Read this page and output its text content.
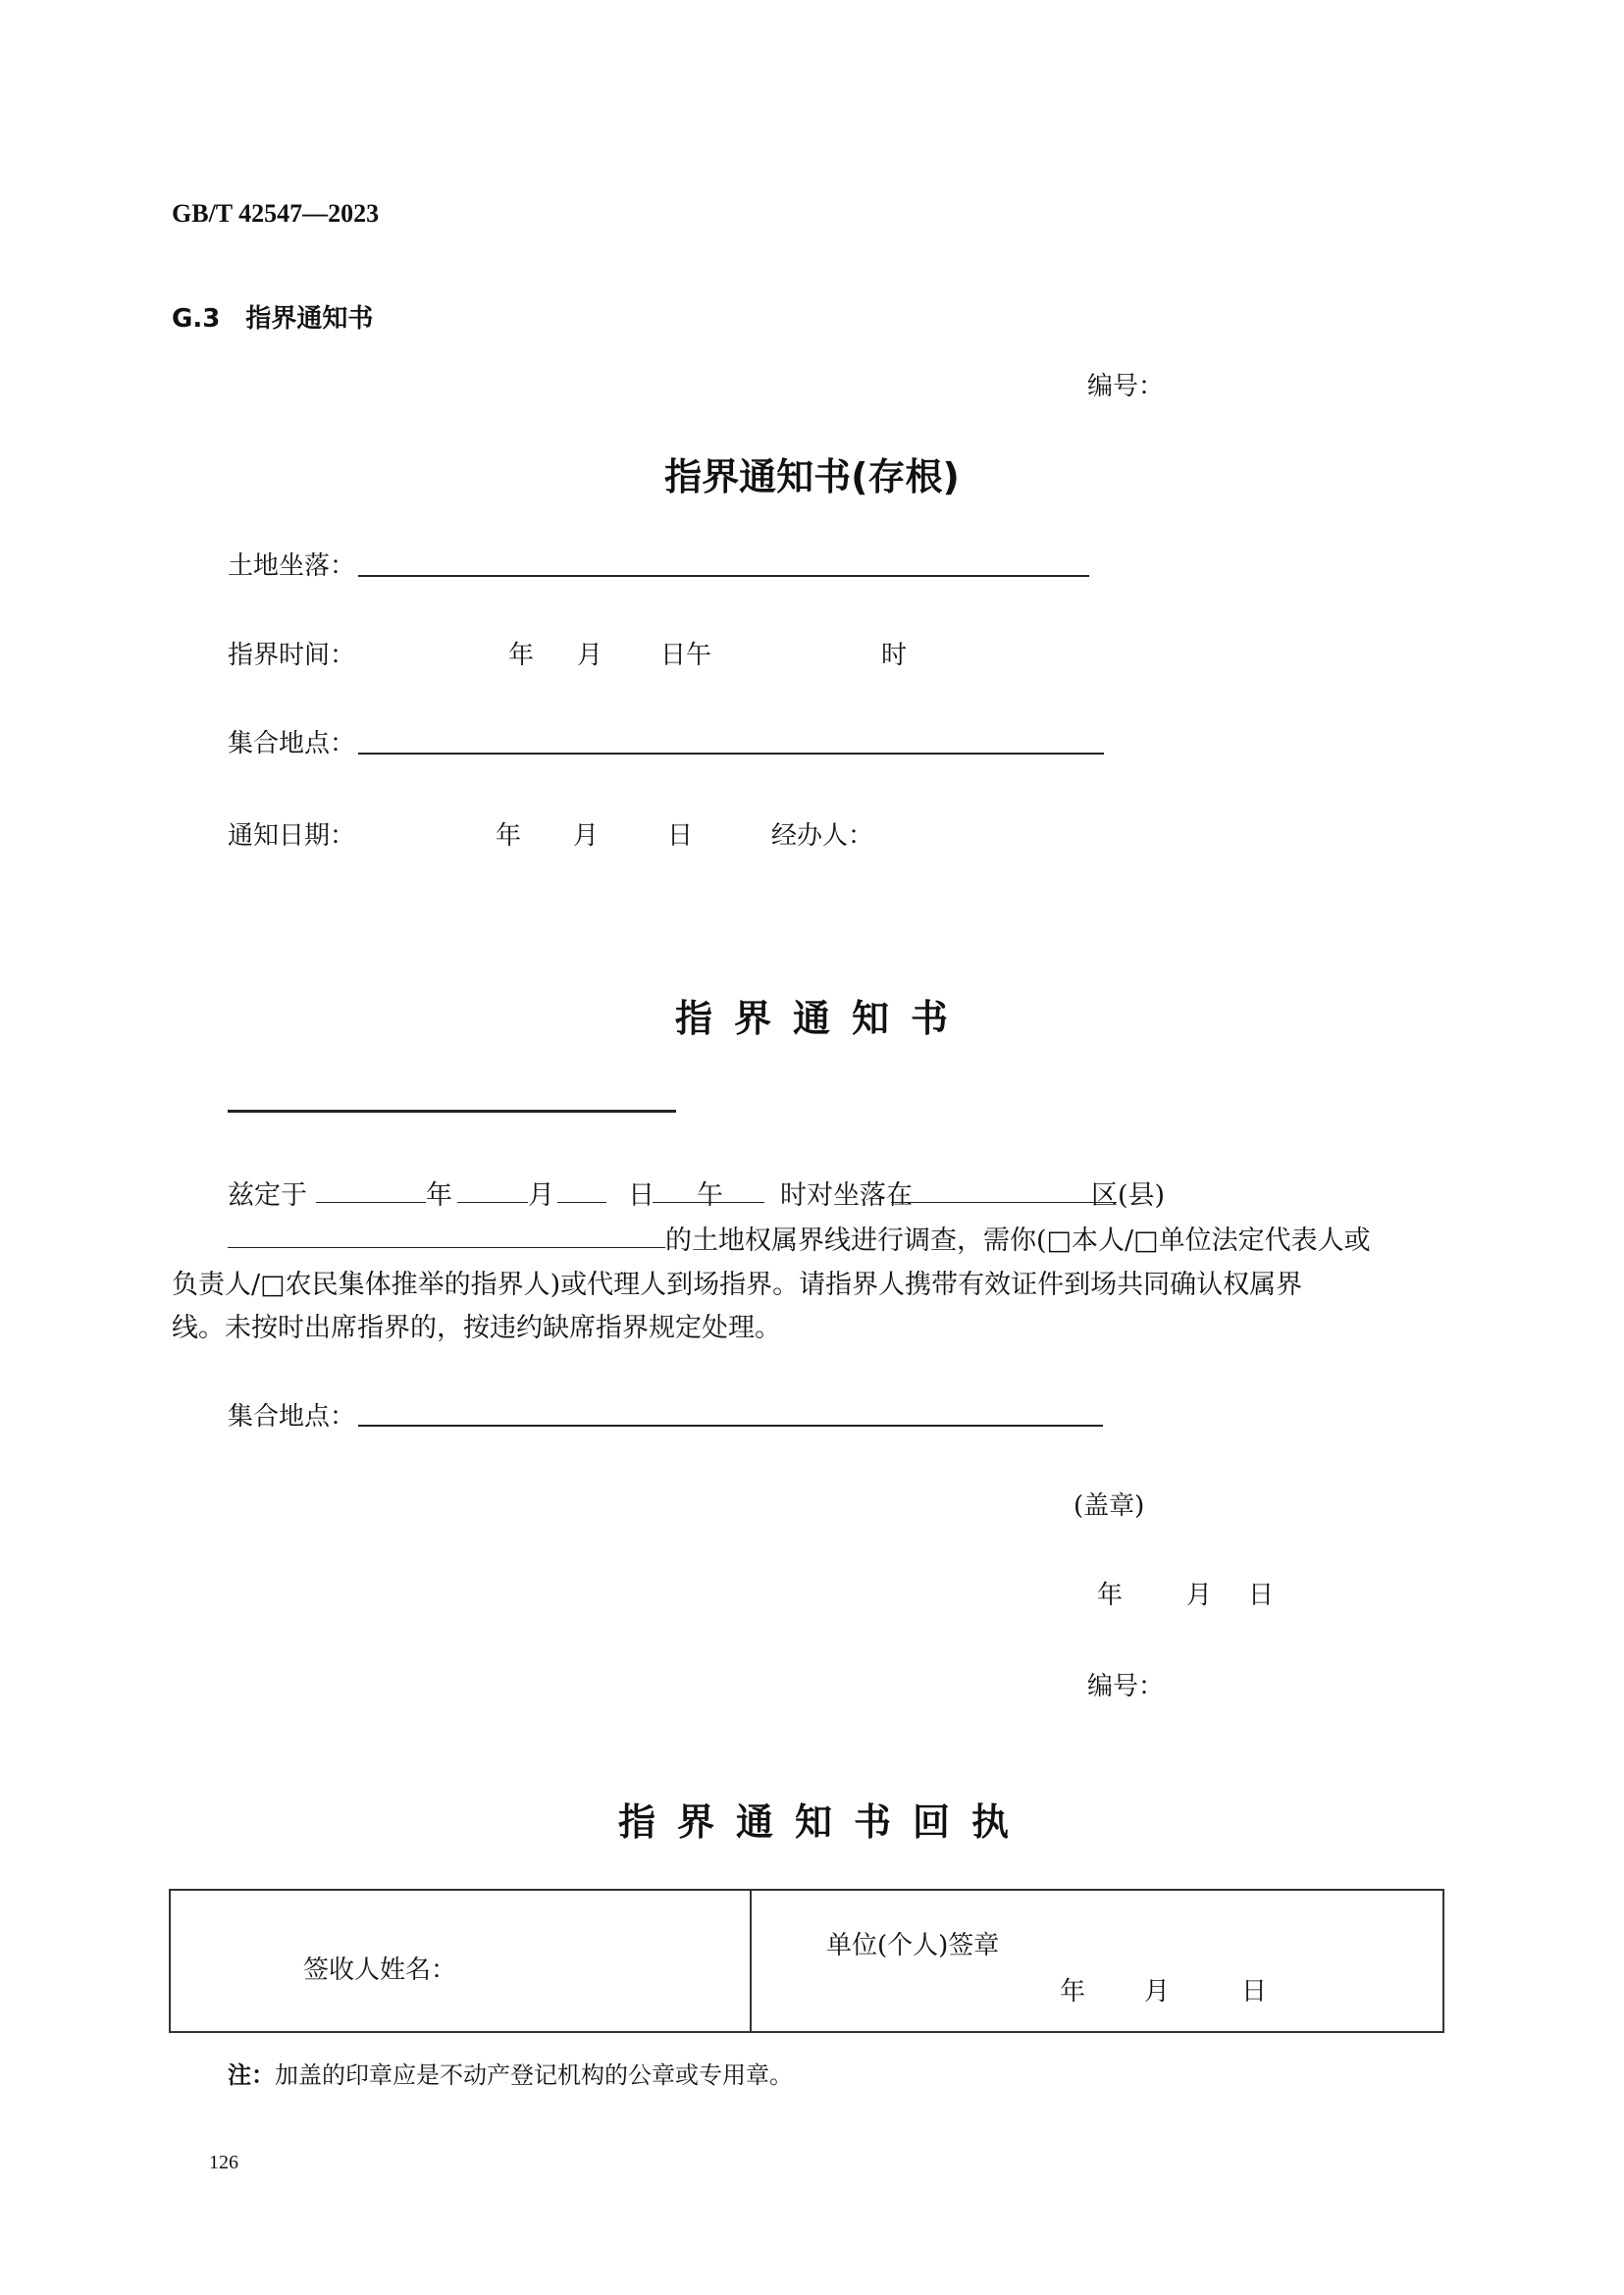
GB/T 42547—2023
G.3 指界通知书
编号：
指界通知书(存根)
土地坐落：
指界时间：	年 月 日午	时
集合地点：
通知日期：	年 月	日	经办人：
指界通知书
兹定于	年	月	日 午 时对坐落在	区(县)
的土地权属界线进行调查，需你(□本人/□单位法定代表人或
负责人/□农民集体推举的指界人)或代理人到场指界。请指界人携带有效证件到场共同确认权属界
线。未按时出席指界的，按违约缺席指界规定处理。
集合地点：
(盖章)
年 月 日
编号：
指界通知书回执
签收人姓名：
单位(个人)签章
年 月	日
注：加盖的印章应是不动产登记机构的公章或专用章。
126
